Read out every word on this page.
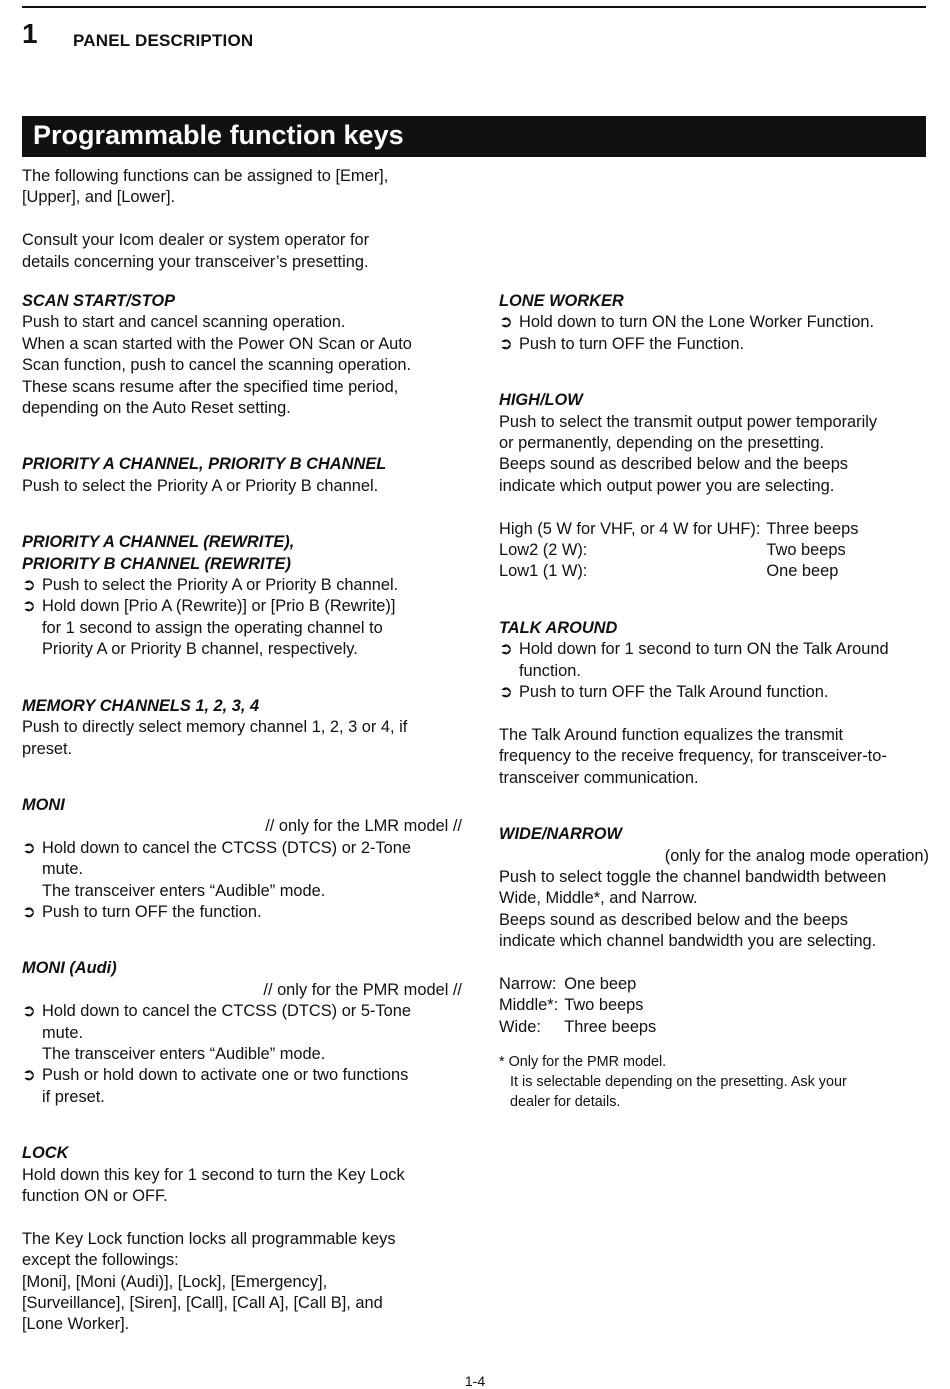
1 PANEL DESCRIPTION
Programmable function keys

The following functions can be assigned to [Emer],

[Upper], and [Lower].

Consult your Icom dealer or system operator for

details concerning your transceiver’s presetting.

SCAN START/STOP

Push to start and cancel scanning operation.

When a scan started with the Power ON Scan or Auto

Scan function, push to cancel the scanning operation.

These scans resume after the specified time period,

depending on the Auto Reset setting.

PRIORITY A CHANNEL, PRIORITY B CHANNEL

Push to select the Priority A or Priority B channel.

PRIORITY A CHANNEL (REWRITE),

PRIORITY B CHANNEL (REWRITE)

➲ Push to select the Priority A or Priority B channel.

➲ Hold down [Prio A (Rewrite)] or [Prio B (Rewrite)]

for 1 second to assign the operating channel to

Priority A or Priority B channel, respectively.

MEMORY CHANNELS 1, 2, 3, 4

Push to directly select memory channel 1, 2, 3 or 4, if

preset.

MONI

// only for the LMR model //

➲ Hold down to cancel the CTCSS (DTCS) or 2-Tone

mute.

The transceiver enters “Audible” mode.

➲ Push to turn OFF the function.

MONI (Audi)

// only for the PMR model //

➲ Hold down to cancel the CTCSS (DTCS) or 5-Tone

mute.

The transceiver enters “Audible” mode.

➲ Push or hold down to activate one or two functions

if preset.

LOCK

Hold down this key for 1 second to turn the Key Lock

function ON or OFF.

The Key Lock function locks all programmable keys

except the followings:

[Moni], [Moni (Audi)], [Lock], [Emergency],

[Surveillance], [Siren], [Call], [Call A], [Call B], and

[Lone Worker].

LONE WORKER

➲ Hold down to turn ON the Lone Worker Function.

➲ Push to turn OFF the Function.

HIGH/LOW

Push to select the transmit output power temporarily

or permanently, depending on the presetting.

Beeps sound as described below and the beeps

indicate which output power you are selecting.

High (5 W for VHF, or 4 W for UHF):	Three beeps
Low2 (2 W):	Two beeps
Low1 (1 W):	One beep

TALK AROUND

➲ Hold down for 1 second to turn ON the Talk Around

function.

➲ Push to turn OFF the Talk Around function.

The Talk Around function equalizes the transmit

frequency to the receive frequency, for transceiver-to-

transceiver communication.

WIDE/NARROW

(only for the analog mode operation)

Push to select toggle the channel bandwidth between

Wide, Middle*, and Narrow.

Beeps sound as described below and the beeps

indicate which channel bandwidth you are selecting.

Narrow:	One beep
Middle*:	Two beeps
Wide:	Three beeps

* Only for the PMR model.

It is selectable depending on the presetting. Ask your

dealer for details.

1-4
